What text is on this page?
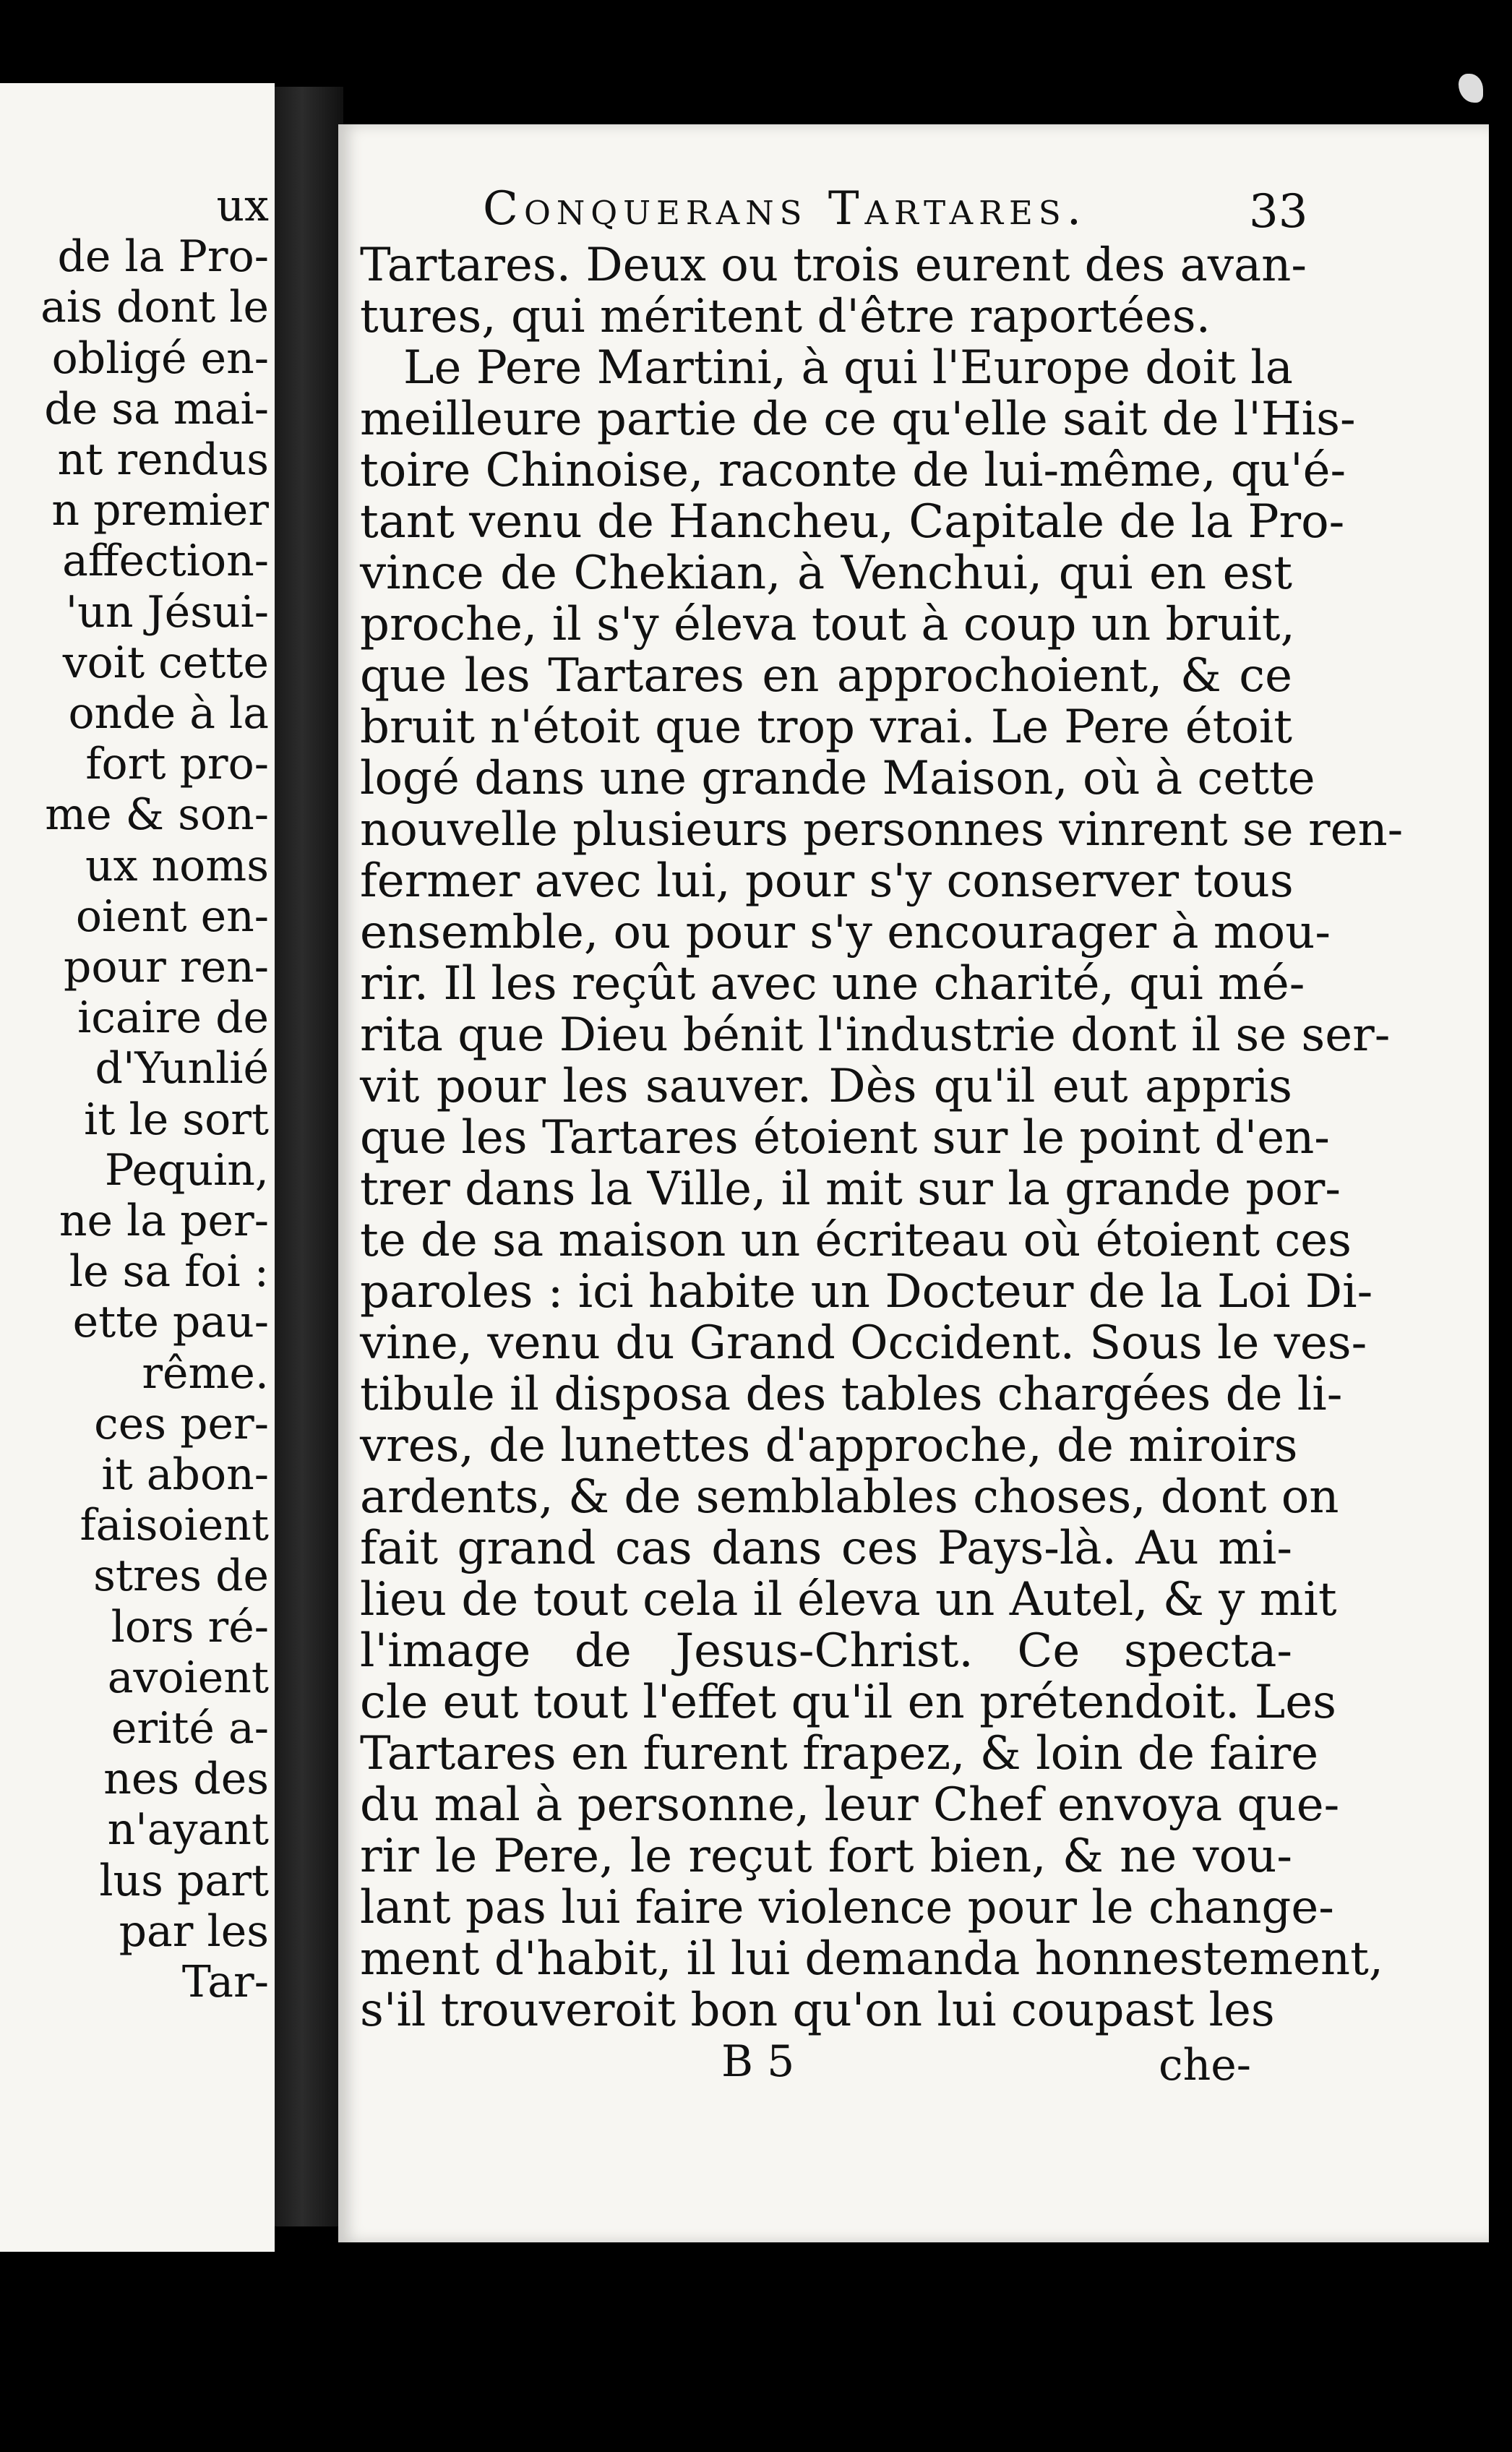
ux
de la Pro-
ais dont le
obligé en-
de sa mai-
nt rendus
n premier
affection-
'un Jésui-
voit cette
onde à la
fort pro-
me & son-
ux noms
oient en-
pour ren-
icaire de
d'Yunlié
it le sort
Pequin,
ne la per-
le sa foi :
ette pau-
rême.
ces per-
it abon-
faisoient
stres de
lors ré-
avoient
erité a-
nes des
n'ayant
lus part
par les
Tar-
Conquerans Tartares.	33
B 5	che-
Tartares. Deux ou trois eurent des avan-
tures, qui méritent d'être raportées.
Le Pere Martini, à qui l'Europe doit la
meilleure partie de ce qu'elle sait de l'His-
toire Chinoise, raconte de lui-même, qu'é-
tant venu de Hancheu, Capitale de la Pro-
vince de Chekian, à Venchui, qui en est
proche, il s'y éleva tout à coup un bruit,
que les Tartares en approchoient, & ce
bruit n'étoit que trop vrai. Le Pere étoit
logé dans une grande Maison, où à cette
nouvelle plusieurs personnes vinrent se ren-
fermer avec lui, pour s'y conserver tous
ensemble, ou pour s'y encourager à mou-
rir. Il les reçût avec une charité, qui mé-
rita que Dieu bénit l'industrie dont il se ser-
vit pour les sauver. Dès qu'il eut appris
que les Tartares étoient sur le point d'en-
trer dans la Ville, il mit sur la grande por-
te de sa maison un écriteau où étoient ces
paroles : ici habite un Docteur de la Loi Di-
vine, venu du Grand Occident. Sous le ves-
tibule il disposa des tables chargées de li-
vres, de lunettes d'approche, de miroirs
ardents, & de semblables choses, dont on
fait grand cas dans ces Pays-là. Au mi-
lieu de tout cela il éleva un Autel, & y mit
l'image de Jesus-Christ. Ce specta-
cle eut tout l'effet qu'il en prétendoit. Les
Tartares en furent frapez, & loin de faire
du mal à personne, leur Chef envoya que-
rir le Pere, le reçut fort bien, & ne vou-
lant pas lui faire violence pour le change-
ment d'habit, il lui demanda honnestement,
s'il trouveroit bon qu'on lui coupast les
